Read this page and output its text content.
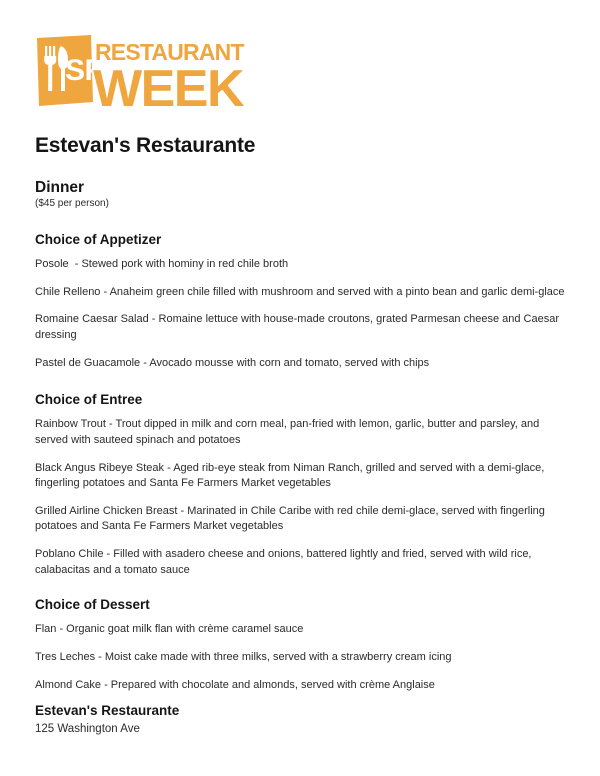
SF
RESTAURANT
WEEK
Estevan's Restaurante
Dinner
($45 per person)
Choice of Appetizer
Posole  - Stewed pork with hominy in red chile broth
Chile Relleno - Anaheim green chile filled with mushroom and served with a pinto bean and garlic demi-glace
Romaine Caesar Salad - Romaine lettuce with house-made croutons, grated Parmesan cheese and Caesar dressing
Pastel de Guacamole - Avocado mousse with corn and tomato, served with chips
Choice of Entree
Rainbow Trout - Trout dipped in milk and corn meal, pan-fried with lemon, garlic, butter and parsley, and served with sauteed spinach and potatoes
Black Angus Ribeye Steak - Aged rib-eye steak from Niman Ranch, grilled and served with a demi-glace, fingerling potatoes and Santa Fe Farmers Market vegetables
Grilled Airline Chicken Breast - Marinated in Chile Caribe with red chile demi-glace, served with fingerling potatoes and Santa Fe Farmers Market vegetables
Poblano Chile - Filled with asadero cheese and onions, battered lightly and fried, served with wild rice, calabacitas and a tomato sauce
Choice of Dessert
Flan - Organic goat milk flan with crème caramel sauce
Tres Leches - Moist cake made with three milks, served with a strawberry cream icing
Almond Cake - Prepared with chocolate and almonds, served with crème Anglaise
Estevan's Restaurante
125 Washington Ave
